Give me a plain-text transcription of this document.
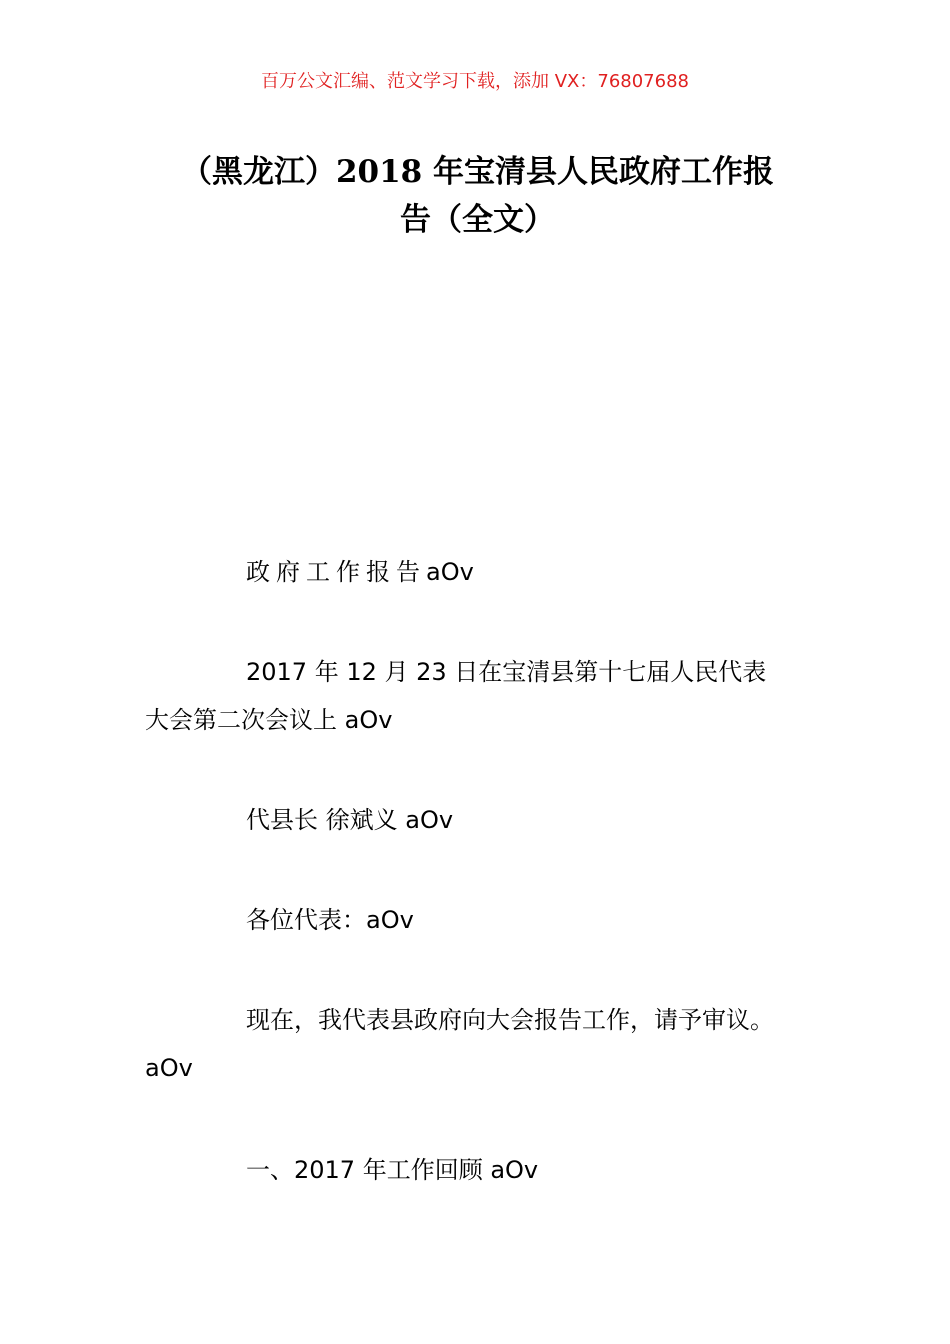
百万公文汇编、范文学习下载，添加 VX：76807688
（黑龙江）2018 年宝清县人民政府工作报
告（全文）
政府工作报告aOv
2017 年 12 月 23 日在宝清县第十七届人民代表
大会第二次会议上 aOv
代县长 徐斌义 aOv
各位代表：aOv
现在，我代表县政府向大会报告工作，请予审议。
aOv
一、2017 年工作回顾 aOv
